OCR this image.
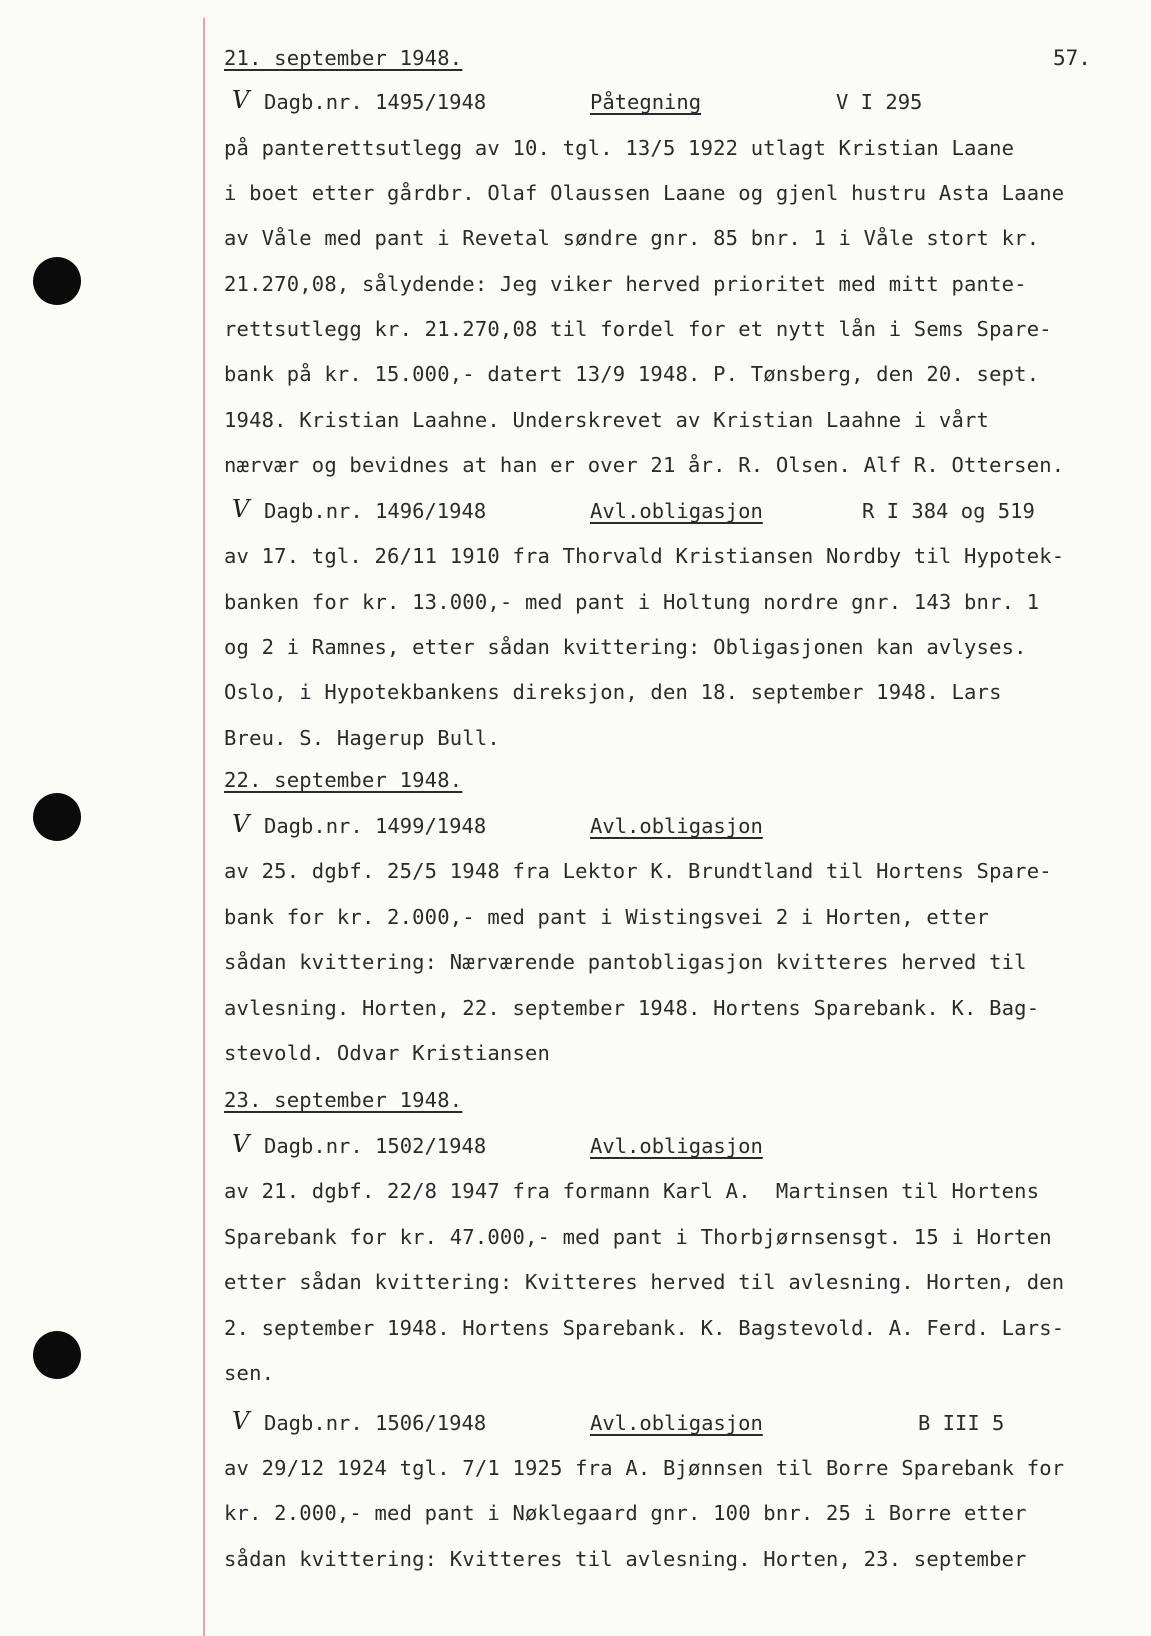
57.
21. september 1948.
V Dagb.nr. 1495/1948	Påtegning	V I 295
på panterettsutlegg av 10. tgl. 13/5 1922 utlagt Kristian Laane
i boet etter gårdbr. Olaf Olaussen Laane og gjenl hustru Asta Laane
av Våle med pant i Revetal søndre gnr. 85 bnr. 1 i Våle stort kr.
21.270,08, sålydende: Jeg viker herved prioritet med mitt pante-
rettsutlegg kr. 21.270,08 til fordel for et nytt lån i Sems Spare-
bank på kr. 15.000,- datert 13/9 1948. P. Tønsberg, den 20. sept.
1948. Kristian Laahne. Underskrevet av Kristian Laahne i vårt
nærvær og bevidnes at han er over 21 år. R. Olsen. Alf R. Ottersen.
V Dagb.nr. 1496/1948	Avl.obligasjon	R I 384 og 519
av 17. tgl. 26/11 1910 fra Thorvald Kristiansen Nordby til Hypotek-
banken for kr. 13.000,- med pant i Holtung nordre gnr. 143 bnr. 1
og 2 i Ramnes, etter sådan kvittering: Obligasjonen kan avlyses.
Oslo, i Hypotekbankens direksjon, den 18. september 1948. Lars
Breu. S. Hagerup Bull.
22. september 1948.
V Dagb.nr. 1499/1948	Avl.obligasjon
av 25. dgbf. 25/5 1948 fra Lektor K. Brundtland til Hortens Spare-
bank for kr. 2.000,- med pant i Wistingsvei 2 i Horten, etter
sådan kvittering: Nærværende pantobligasjon kvitteres herved til
avlesning. Horten, 22. september 1948. Hortens Sparebank. K. Bag-
stevold. Odvar Kristiansen
23. september 1948.
V Dagb.nr. 1502/1948	Avl.obligasjon
av 21. dgbf. 22/8 1947 fra formann Karl A.  Martinsen til Hortens
Sparebank for kr. 47.000,- med pant i Thorbjørnsensgt. 15 i Horten
etter sådan kvittering: Kvitteres herved til avlesning. Horten, den
2. september 1948. Hortens Sparebank. K. Bagstevold. A. Ferd. Lars-
sen.
V Dagb.nr. 1506/1948	Avl.obligasjon	B III 5
av 29/12 1924 tgl. 7/1 1925 fra A. Bjønnsen til Borre Sparebank for
kr. 2.000,- med pant i Nøklegaard gnr. 100 bnr. 25 i Borre etter
sådan kvittering: Kvitteres til avlesning. Horten, 23. september
